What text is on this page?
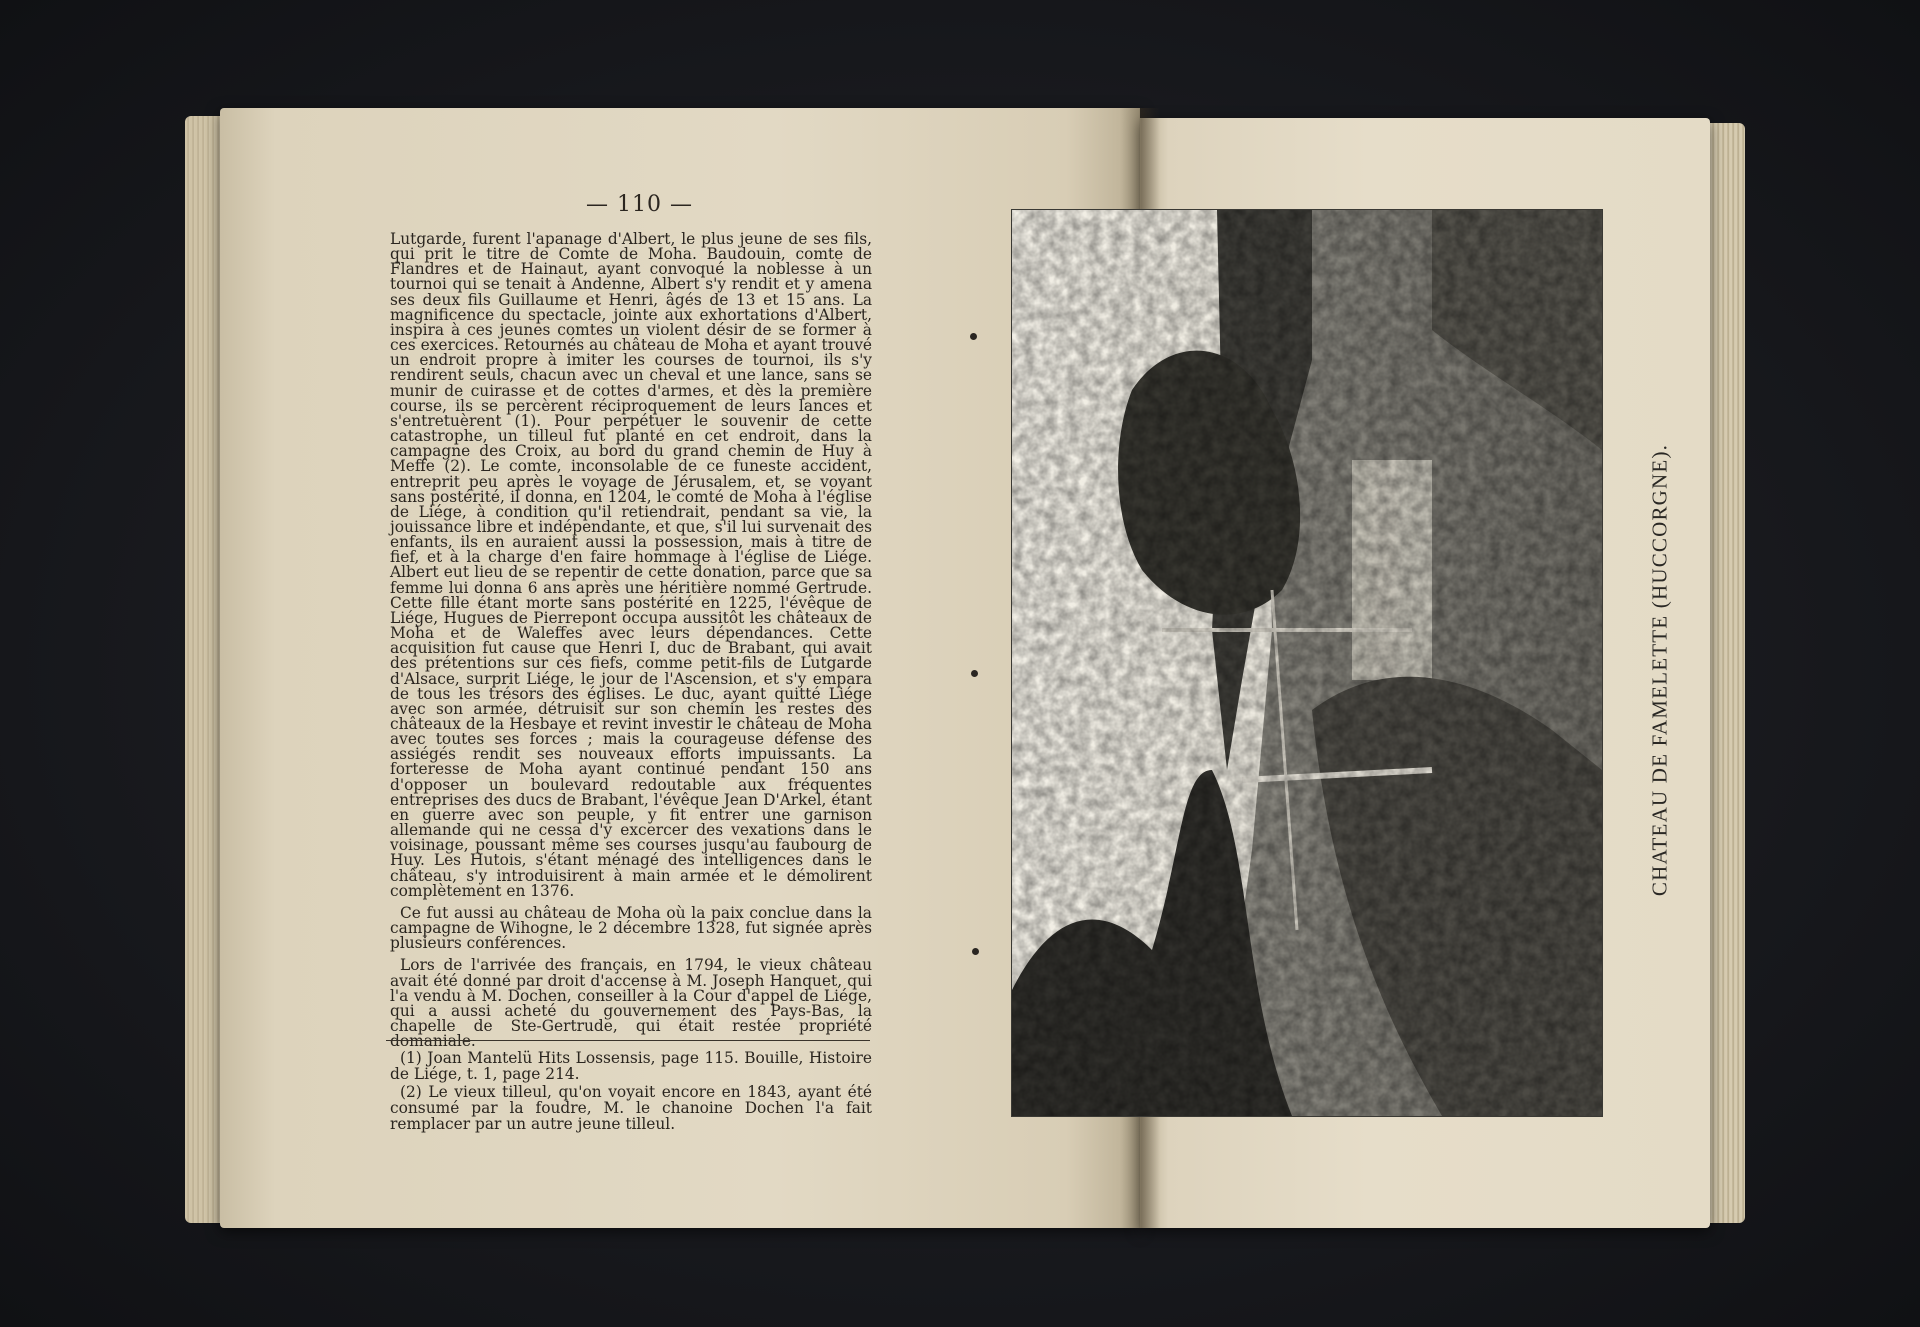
— 110 —

Lutgarde, furent l'apanage d'Albert, le plus jeune de ses fils, qui prit le titre de Comte de Moha. Baudouin, comte de Flandres et de Hainaut, ayant convoqué la noblesse à un tournoi qui se tenait à Andenne, Albert s'y rendit et y amena ses deux fils Guillaume et Henri, âgés de 13 et 15 ans. La magnificence du spectacle, jointe aux exhortations d'Albert, inspira à ces jeunes comtes un violent désir de se former à ces exercices. Retournés au château de Moha et ayant trouvé un endroit propre à imiter les courses de tournoi, ils s'y rendirent seuls, chacun avec un cheval et une lance, sans se munir de cuirasse et de cottes d'armes, et dès la première course, ils se percèrent réciproquement de leurs lances et s'entretuèrent (1). Pour perpétuer le souvenir de cette catastrophe, un tilleul fut planté en cet endroit, dans la campagne des Croix, au bord du grand chemin de Huy à Meffe (2). Le comte, inconsolable de ce funeste accident, entreprit peu après le voyage de Jérusalem, et, se voyant sans postérité, il donna, en 1204, le comté de Moha à l'église de Liége, à condition qu'il retiendrait, pendant sa vie, la jouissance libre et indépendante, et que, s'il lui survenait des enfants, ils en auraient aussi la possession, mais à titre de fief, et à la charge d'en faire hommage à l'église de Liége. Albert eut lieu de se repentir de cette donation, parce que sa femme lui donna 6 ans après une héritière nommé Gertrude. Cette fille étant morte sans postérité en 1225, l'évêque de Liége, Hugues de Pierrepont occupa aussitôt les châteaux de Moha et de Waleffes avec leurs dépendances. Cette acquisition fut cause que Henri I, duc de Brabant, qui avait des prétentions sur ces fiefs, comme petit-fils de Lutgarde d'Alsace, surprit Liége, le jour de l'Ascension, et s'y empara de tous les trésors des églises. Le duc, ayant quitté Liége avec son armée, détruisit sur son chemin les restes des châteaux de la Hesbaye et revint investir le château de Moha avec toutes ses forces ; mais la courageuse défense des assiégés rendit ses nouveaux efforts impuissants. La forteresse de Moha ayant continué pendant 150 ans d'opposer un boulevard redoutable aux fréquentes entreprises des ducs de Brabant, l'évêque Jean D'Arkel, étant en guerre avec son peuple, y fit entrer une garnison allemande qui ne cessa d'y excercer des vexations dans le voisinage, poussant même ses courses jusqu'au faubourg de Huy. Les Hutois, s'étant ménagé des intelligences dans le château, s'y introduisirent à main armée et le démolirent complètement en 1376.

Ce fut aussi au château de Moha où la paix conclue dans la campagne de Wihogne, le 2 décembre 1328, fut signée après plusieurs conférences.

Lors de l'arrivée des français, en 1794, le vieux château avait été donné par droit d'accense à M. Joseph Hanquet, qui l'a vendu à M. Dochen, conseiller à la Cour d'appel de Liége, qui a aussi acheté du gouvernement des Pays-Bas, la chapelle de Ste-Gertrude, qui était restée propriété domaniale.

(1) Joan Mantelü Hits Lossensis, page 115. Bouille, Histoire de Liége, t. 1, page 214.

(2) Le vieux tilleul, qu'on voyait encore en 1843, ayant été consumé par la foudre, M. le chanoine Dochen l'a fait remplacer par un autre jeune tilleul.

CHATEAU DE FAMELETTE (HUCCORGNE).
